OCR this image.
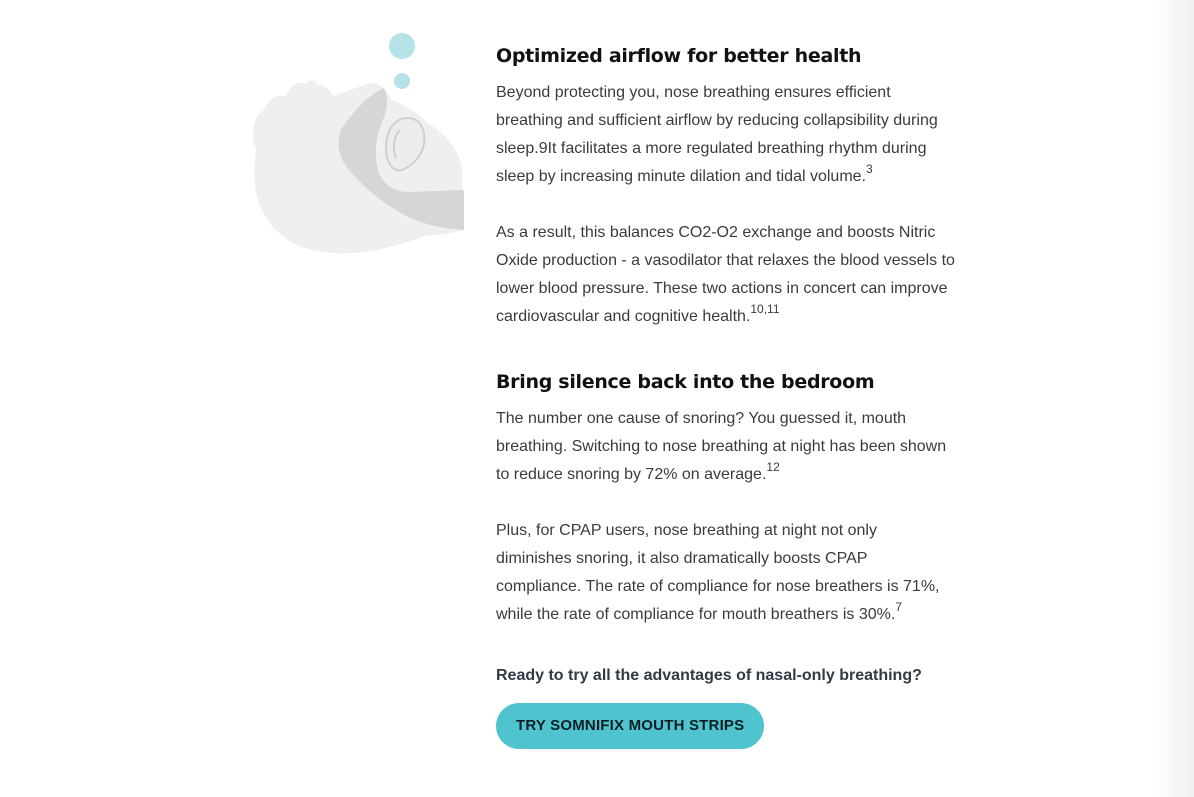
Optimized airflow for better health

Beyond protecting you, nose breathing ensures efficient breathing and sufficient airflow by reducing collapsibility during sleep.9It facilitates a more regulated breathing rhythm during sleep by increasing minute dilation and tidal volume.$^3$

As a result, this balances CO2-O2 exchange and boosts Nitric Oxide production - a vasodilator that relaxes the blood vessels to lower blood pressure. These two actions in concert can improve cardiovascular and cognitive health.$^{10,11}$

Bring silence back into the bedroom

The number one cause of snoring? You guessed it, mouth breathing. Switching to nose breathing at night has been shown to reduce snoring by 72% on average.$^{12}$

Plus, for CPAP users, nose breathing at night not only diminishes snoring, it also dramatically boosts CPAP compliance. The rate of compliance for nose breathers is 71%, while the rate of compliance for mouth breathers is 30%.$^7$

Ready to try all the advantages of nasal-only breathing?
TRY SOMNIFIX MOUTH STRIPS
